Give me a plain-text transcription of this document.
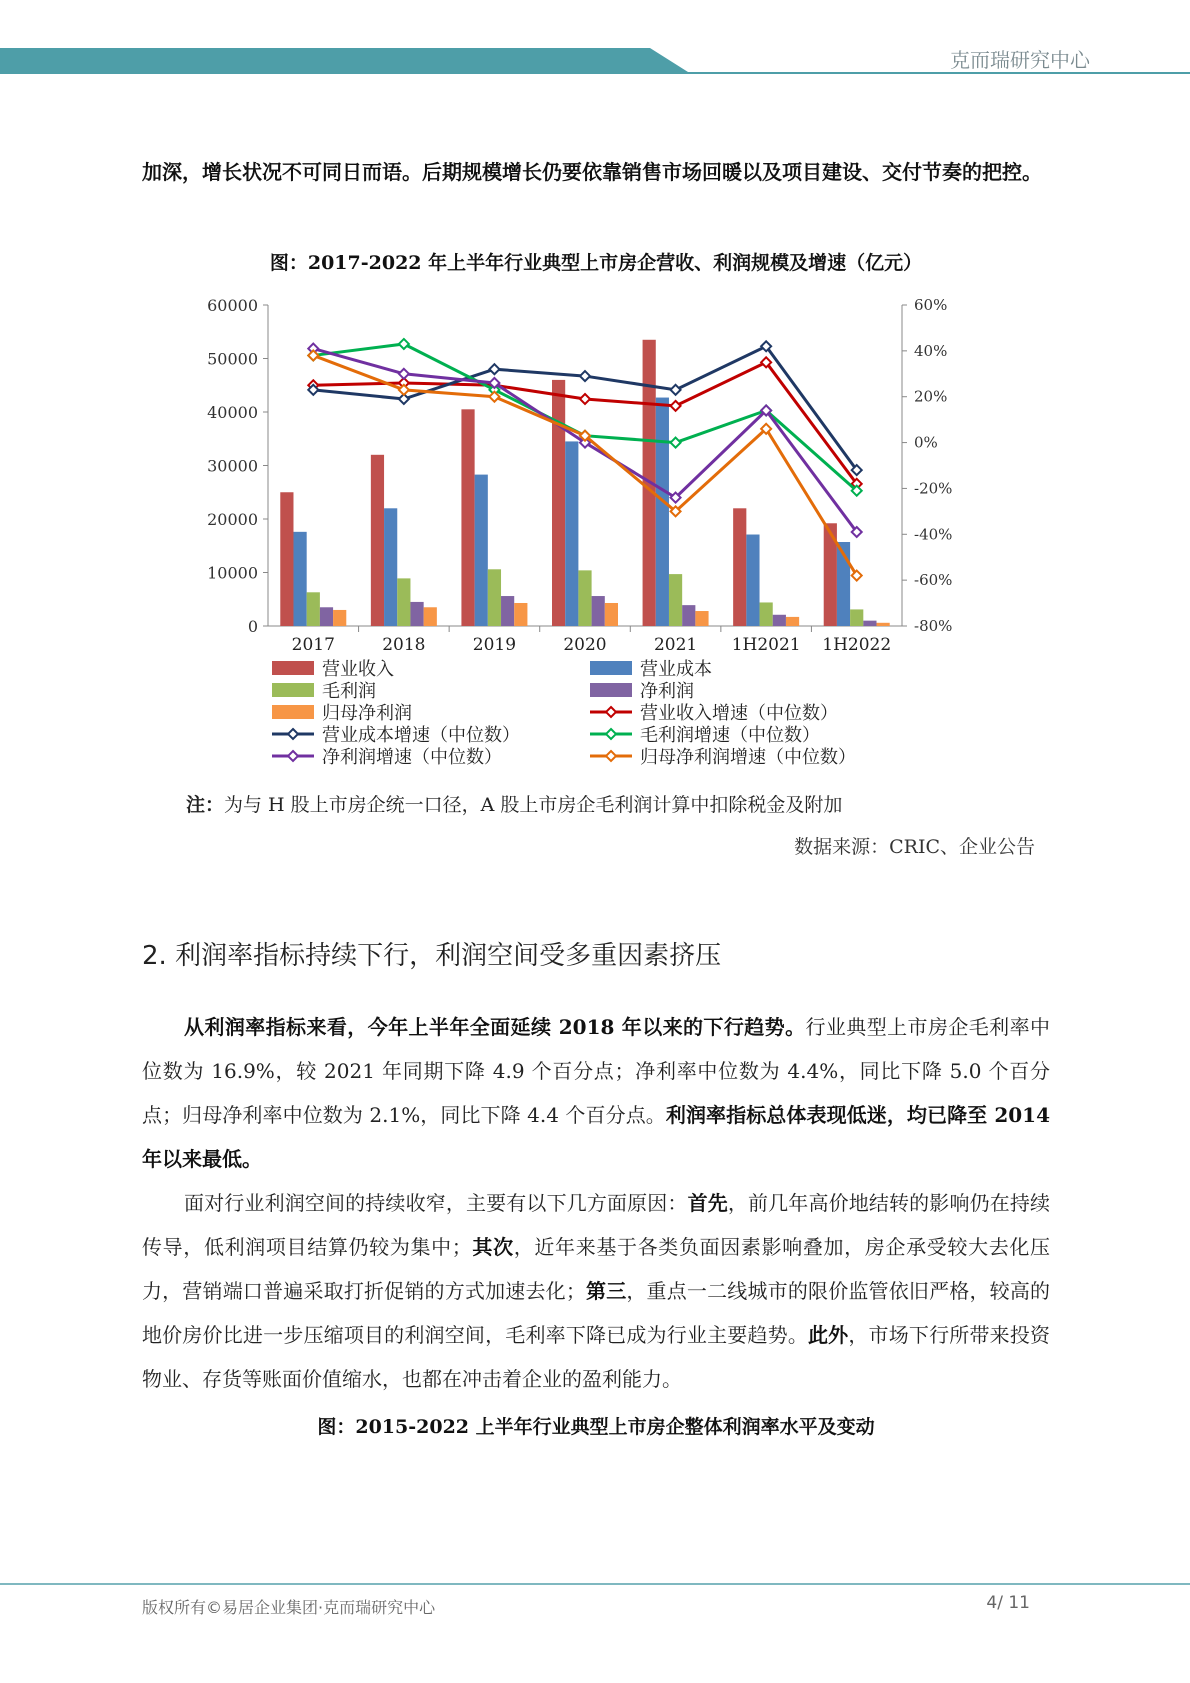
克而瑞研究中心

加深，增长状况不可同日而语。后期规模增长仍要依靠销售市场回暖以及项目建设、交付节奏的把控。

图：2017-2022 年上半年行业典型上市房企营收、利润规模及增速（亿元）
60000
50000
40000
30000
20000
10000
0
60%
40%
20%
0%
-20%
-40%
-60%
-80%
2017	2018	2019	2020	2021 1H2021 1H2022
营业收入	营业成本
毛利润	净利润
归母净利润	营业收入增速（中位数）
营业成本增速（中位数）	毛利润增速（中位数）
净利润增速（中位数）	归母净利润增速（中位数）
注：为与 H 股上市房企统一口径，A 股上市房企毛利润计算中扣除税金及附加
数据来源：CRIC、企业公告
2. 利润率指标持续下行，利润空间受多重因素挤压

从利润率指标来看，今年上半年全面延续 2018 年以来的下行趋势。行业典型上市房企毛利率中位数为 16.9%，较 2021 年同期下降 4.9 个百分点；净利率中位数为 4.4%，同比下降 5.0 个百分点；归母净利率中位数为 2.1%，同比下降 4.4 个百分点。利润率指标总体表现低迷，均已降至 2014 年以来最低。

面对行业利润空间的持续收窄，主要有以下几方面原因：首先，前几年高价地结转的影响仍在持续传导，低利润项目结算仍较为集中；其次，近年来基于各类负面因素影响叠加，房企承受较大去化压力，营销端口普遍采取打折促销的方式加速去化；第三，重点一二线城市的限价监管依旧严格，较高的地价房价比进一步压缩项目的利润空间，毛利率下降已成为行业主要趋势。此外，市场下行所带来投资物业、存货等账面价值缩水，也都在冲击着企业的盈利能力。

图：2015-2022 上半年行业典型上市房企整体利润率水平及变动
版权所有©易居企业集团·克而瑞研究中心	4/ 11
